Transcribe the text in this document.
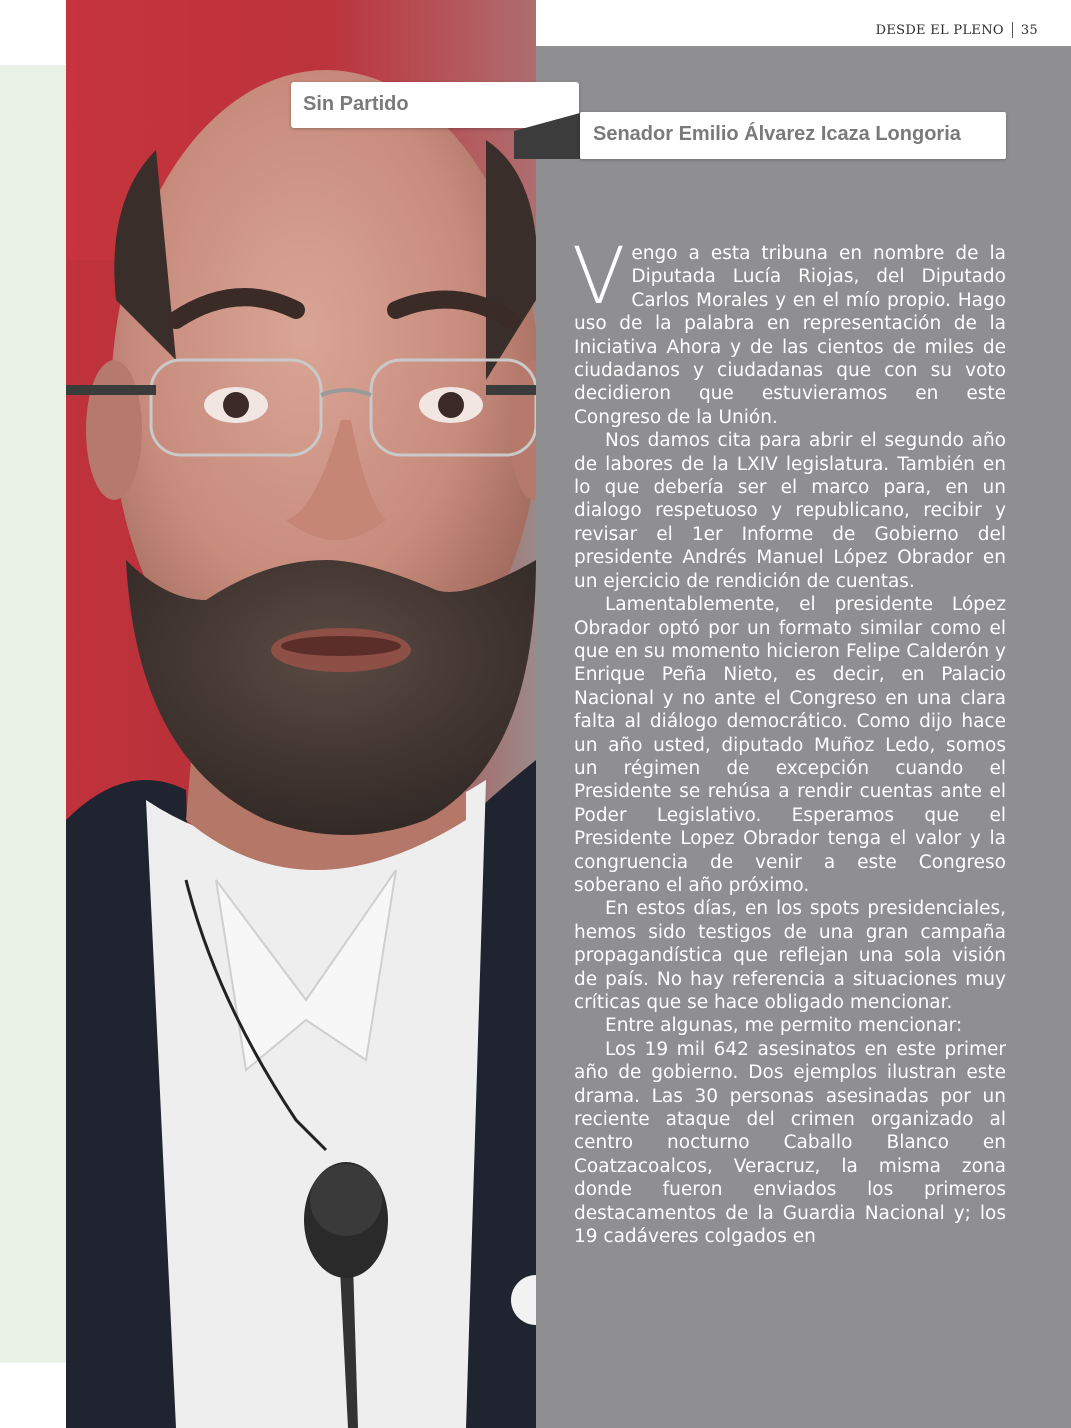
DESDE EL PLENO 35
Sin Partido
Senador Emilio Álvarez Icaza Longoria

Vengo a esta tribuna en nombre de la Diputada Lucía Riojas, del Diputado Carlos Morales y en el mío propio. Hago uso de la palabra en representación de la Iniciativa Ahora y de las cientos de miles de ciudadanos y ciudadanas que con su voto decidieron que estuvieramos en este Congreso de la Unión.

Nos damos cita para abrir el segundo año de labores de la LXIV legislatura. También en lo que debería ser el marco para, en un dialogo respetuoso y republicano, recibir y revisar el 1er Informe de Gobierno del presidente Andrés Manuel López Obrador en un ejercicio de rendición de cuentas.

Lamentablemente, el presidente López Obrador optó por un formato similar como el que en su momento hicieron Felipe Calderón y Enrique Peña Nieto, es decir, en Palacio Nacional y no ante el Congreso en una clara falta al diálogo democrático. Como dijo hace un año usted, diputado Muñoz Ledo, somos un régimen de excepción cuando el Presidente se rehúsa a rendir cuentas ante el Poder Legislativo. Esperamos que el Presidente Lopez Obrador tenga el valor y la congruencia de venir a este Congreso soberano el año próximo.

En estos días, en los spots presidenciales, hemos sido testigos de una gran campaña propagandística que reflejan una sola visión de país. No hay referencia a situaciones muy críticas que se hace obligado mencionar.

Entre algunas, me permito mencionar:

Los 19 mil 642 asesinatos en este primer año de gobierno. Dos ejemplos ilustran este drama. Las 30 personas asesinadas por un reciente ataque del crimen organizado al centro nocturno Caballo Blanco en Coatzacoalcos, Veracruz, la misma zona donde fueron enviados los primeros destacamentos de la Guardia Nacional y; los 19 cadáveres colgados en
